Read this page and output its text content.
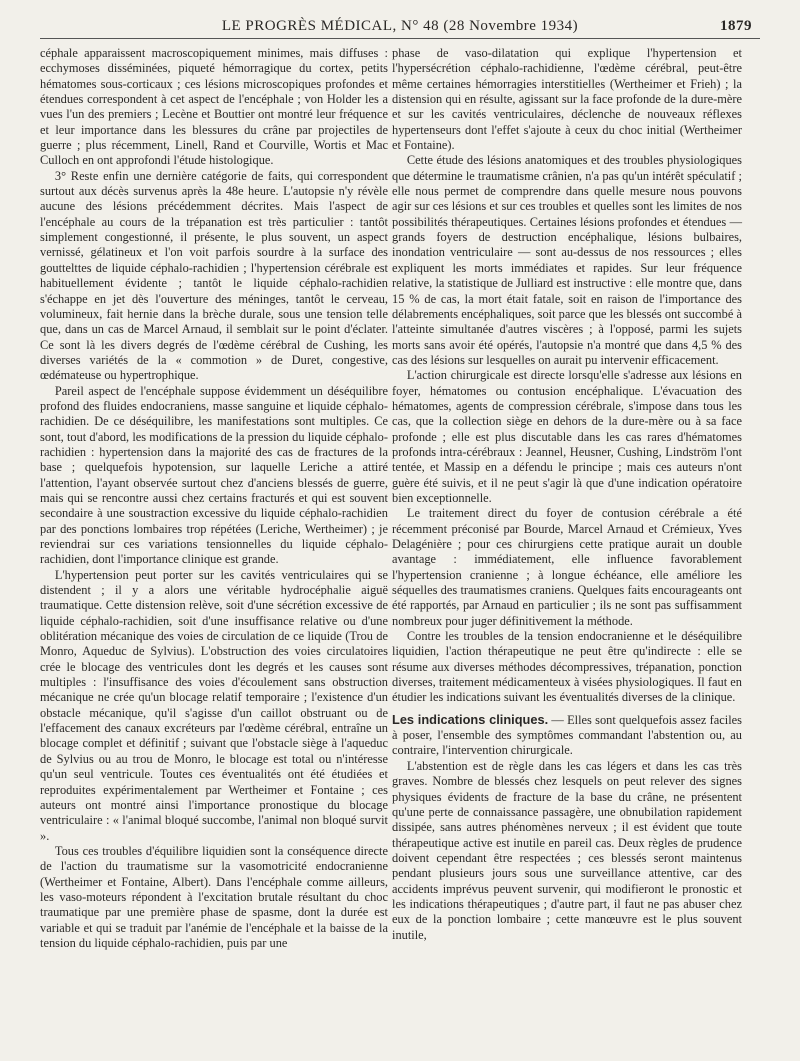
LE PROGRÈS MÉDICAL, N° 48 (28 Novembre 1934)	1879

céphale apparaissent macroscopiquement minimes, mais diffuses : ecchymoses disséminées, piqueté hémorragique du cortex, petits hématomes sous-corticaux ; ces lésions microscopiques profondes et étendues correspondent à cet aspect de l'encéphale ; von Holder les a vues l'un des premiers ; Lecène et Bouttier ont montré leur fréquence et leur importance dans les blessures du crâne par projectiles de guerre ; plus récemment, Linell, Rand et Courville, Wortis et Mac Culloch en ont approfondi l'étude histologique.

3° Reste enfin une dernière catégorie de faits, qui correspondent surtout aux décès survenus après la 48e heure. L'autopsie n'y révèle aucune des lésions précédemment décrites. Mais l'aspect de l'encéphale au cours de la trépanation est très particulier : tantôt simplement congestionné, il présente, le plus souvent, un aspect vernissé, gélatineux et l'on voit parfois sourdre à la surface des gouttelttes de liquide céphalo-rachidien ; l'hypertension cérébrale est habituellement évidente ; tantôt le liquide céphalo-rachidien s'échappe en jet dès l'ouverture des méninges, tantôt le cerveau, volumineux, fait hernie dans la brèche durale, sous une tension telle que, dans un cas de Marcel Arnaud, il semblait sur le point d'éclater. Ce sont là les divers degrés de l'œdème cérébral de Cushing, les diverses variétés de la « commotion » de Duret, congestive, œdémateuse ou hypertrophique.

Pareil aspect de l'encéphale suppose évidemment un déséquilibre profond des fluides endocraniens, masse sanguine et liquide céphalo-rachidien. De ce déséquilibre, les manifestations sont multiples. Ce sont, tout d'abord, les modifications de la pression du liquide céphalo-rachidien : hypertension dans la majorité des cas de fractures de la base ; quelquefois hypotension, sur laquelle Leriche a attiré l'attention, l'ayant observée surtout chez d'anciens blessés de guerre, mais qui se rencontre aussi chez certains fracturés et qui est souvent secondaire à une soustraction excessive du liquide céphalo-rachidien par des ponctions lombaires trop répétées (Leriche, Wertheimer) ; je reviendrai sur ces variations tensionnelles du liquide céphalo-rachidien, dont l'importance clinique est grande.

L'hypertension peut porter sur les cavités ventriculaires qui se distendent ; il y a alors une véritable hydrocéphalie aiguë traumatique. Cette distension relève, soit d'une sécrétion excessive de liquide céphalo-rachidien, soit d'une insuffisance relative ou d'une oblitération mécanique des voies de circulation de ce liquide (Trou de Monro, Aqueduc de Sylvius). L'obstruction des voies circulatoires crée le blocage des ventricules dont les degrés et les causes sont multiples : l'insuffisance des voies d'écoulement sans obstruction mécanique ne crée qu'un blocage relatif temporaire ; l'existence d'un obstacle mécanique, qu'il s'agisse d'un caillot obstruant ou de l'effacement des canaux excréteurs par l'œdème cérébral, entraîne un blocage complet et définitif ; suivant que l'obstacle siège à l'aqueduc de Sylvius ou au trou de Monro, le blocage est total ou n'intéresse qu'un seul ventricule. Toutes ces éventualités ont été étudiées et reproduites expérimentalement par Wertheimer et Fontaine ; ces auteurs ont montré ainsi l'importance pronostique du blocage ventriculaire : « l'animal bloqué succombe, l'animal non bloqué survit ».

Tous ces troubles d'équilibre liquidien sont la conséquence directe de l'action du traumatisme sur la vasomotricité endocranienne (Wertheimer et Fontaine, Albert). Dans l'encéphale comme ailleurs, les vaso-moteurs répondent à l'excitation brutale résultant du choc traumatique par une première phase de spasme, dont la durée est variable et qui se traduit par l'anémie de l'encéphale et la baisse de la tension du liquide céphalo-rachidien, puis par une

phase de vaso-dilatation qui explique l'hypertension et l'hypersécrétion céphalo-rachidienne, l'œdème cérébral, peut-être même certaines hémorragies interstitielles (Wertheimer et Frieh) ; la distension qui en résulte, agissant sur la face profonde de la dure-mère et sur les cavités ventriculaires, déclenche de nouveaux réflexes hypertenseurs dont l'effet s'ajoute à ceux du choc initial (Wertheimer et Fontaine).

Cette étude des lésions anatomiques et des troubles physiologiques que détermine le traumatisme crânien, n'a pas qu'un intérêt spéculatif ; elle nous permet de comprendre dans quelle mesure nous pouvons agir sur ces lésions et sur ces troubles et quelles sont les limites de nos possibilités thérapeutiques. Certaines lésions profondes et étendues — grands foyers de destruction encéphalique, lésions bulbaires, inondation ventriculaire — sont au-dessus de nos ressources ; elles expliquent les morts immédiates et rapides. Sur leur fréquence relative, la statistique de Julliard est instructive : elle montre que, dans 15 % de cas, la mort était fatale, soit en raison de l'importance des délabrements encéphaliques, soit parce que les blessés ont succombé à l'atteinte simultanée d'autres viscères ; à l'opposé, parmi les sujets morts sans avoir été opérés, l'autopsie n'a montré que dans 4,5 % des cas des lésions sur lesquelles on aurait pu intervenir efficacement.

L'action chirurgicale est directe lorsqu'elle s'adresse aux lésions en foyer, hématomes ou contusion encéphalique. L'évacuation des hématomes, agents de compression cérébrale, s'impose dans tous les cas, que la collection siège en dehors de la dure-mère ou à sa face profonde ; elle est plus discutable dans les cas rares d'hématomes profonds intra-cérébraux : Jeannel, Heusner, Cushing, Lindström l'ont tentée, et Massip en a défendu le principe ; mais ces auteurs n'ont guère été suivis, et il ne peut s'agir là que d'une indication opératoire bien exceptionnelle.

Le traitement direct du foyer de contusion cérébrale a été récemment préconisé par Bourde, Marcel Arnaud et Crémieux, Yves Delagénière ; pour ces chirurgiens cette pratique aurait un double avantage : immédiatement, elle influence favorablement l'hypertension cranienne ; à longue échéance, elle améliore les séquelles des traumatismes craniens. Quelques faits encourageants ont été rapportés, par Arnaud en particulier ; ils ne sont pas suffisamment nombreux pour juger définitivement la méthode.

Contre les troubles de la tension endocranienne et le déséquilibre liquidien, l'action thérapeutique ne peut être qu'indirecte : elle se résume aux diverses méthodes décompressives, trépanation, ponction diverses, traitement médicamenteux à visées physiologiques. Il faut en étudier les indications suivant les éventualités diverses de la clinique.

Les indications cliniques. — Elles sont quelquefois assez faciles à poser, l'ensemble des symptômes commandant l'abstention ou, au contraire, l'intervention chirurgicale.

L'abstention est de règle dans les cas légers et dans les cas très graves. Nombre de blessés chez lesquels on peut relever des signes physiques évidents de fracture de la base du crâne, ne présentent qu'une perte de connaissance passagère, une obnubilation rapidement dissipée, sans autres phénomènes nerveux ; il est évident que toute thérapeutique active est inutile en pareil cas. Deux règles de prudence doivent cependant être respectées ; ces blessés seront maintenus pendant plusieurs jours sous une surveillance attentive, car des accidents imprévus peuvent survenir, qui modifieront le pronostic et les indications thérapeutiques ; d'autre part, il faut ne pas abuser chez eux de la ponction lombaire ; cette manœuvre est le plus souvent inutile,
